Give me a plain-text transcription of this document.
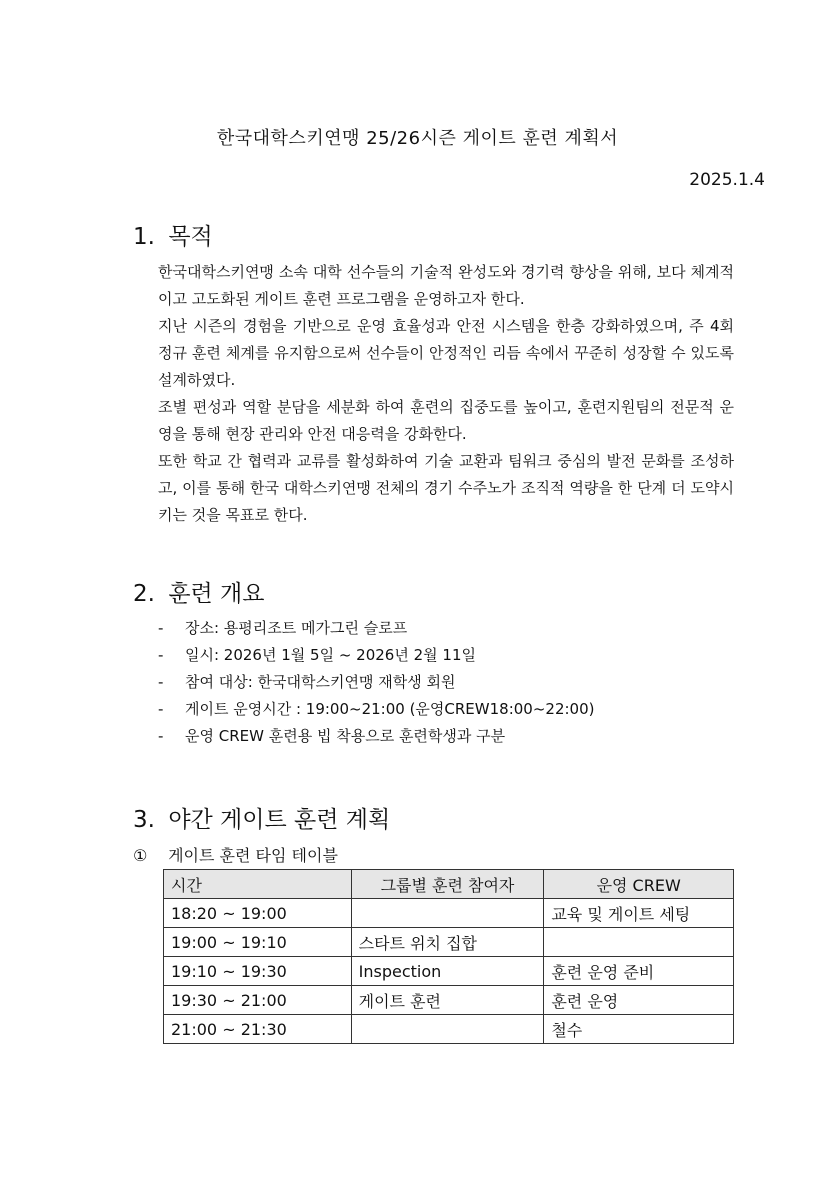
한국대학스키연맹 25/26시즌 게이트 훈련 계획서
2025.1.4
1. 목적

한국대학스키연맹 소속 대학 선수들의 기술적 완성도와 경기력 향상을 위해, 보다 체계적이고 고도화된 게이트 훈련 프로그램을 운영하고자 한다.

지난 시즌의 경험을 기반으로 운영 효율성과 안전 시스템을 한층 강화하였으며, 주 4회 정규 훈련 체계를 유지함으로써 선수들이 안정적인 리듬 속에서 꾸준히 성장할 수 있도록 설계하였다.

조별 편성과 역할 분담을 세분화 하여 훈련의 집중도를 높이고, 훈련지원팀의 전문적 운영을 통해 현장 관리와 안전 대응력을 강화한다.

또한 학교 간 협력과 교류를 활성화하여 기술 교환과 팀워크 중심의 발전 문화를 조성하고, 이를 통해 한국 대학스키연맹 전체의 경기 수주노가 조직적 역량을 한 단계 더 도약시키는 것을 목표로 한다.

2. 훈련 개요
- 장소: 용평리조트 메가그린 슬로프
- 일시: 2026년 1월 5일 ~ 2026년 2월 11일
- 참여 대상: 한국대학스키연맹 재학생 회원
- 게이트 운영시간 : 19:00~21:00 (운영CREW18:00~22:00)
- 운영 CREW 훈련용 빕 착용으로 훈련학생과 구분
3. 야간 게이트 훈련 계획
① 게이트 훈련 타임 테이블
시간	그룹별 훈련 참여자	운영 CREW
18:20 ~ 19:00		교육 및 게이트 세팅
19:00 ~ 19:10	스타트 위치 집합	
19:10 ~ 19:30	Inspection	훈련 운영 준비
19:30 ~ 21:00	게이트 훈련	훈련 운영
21:00 ~ 21:30		철수
